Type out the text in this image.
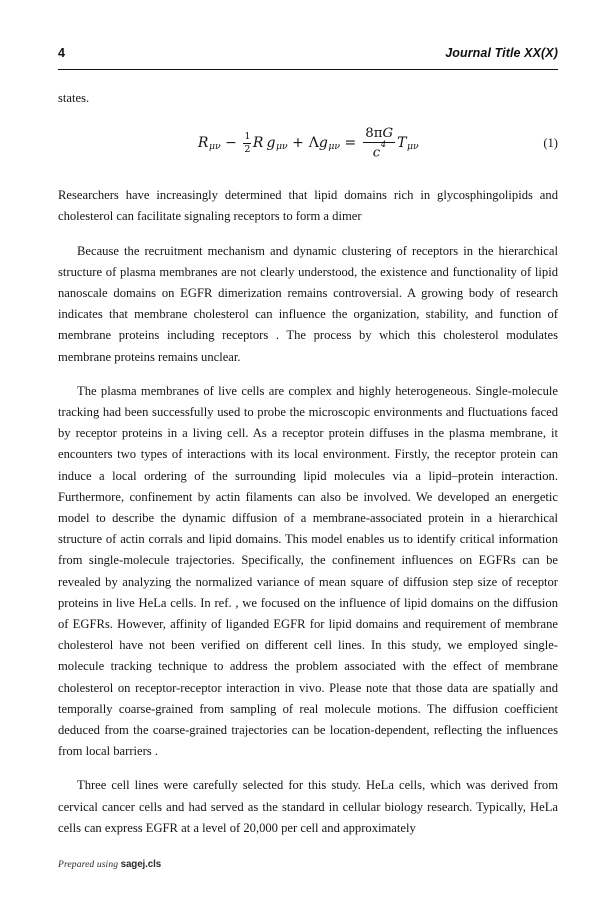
4	Journal Title XX(X)

states.

R $\mu\nu - \frac{1}{2}$ R g μν + Λ g $\mu\nu = \frac{8\pi G}{c^4}$ T μν	(1)

Researchers have increasingly determined that lipid domains rich in glycosphingolipids and cholesterol can facilitate signaling receptors to form a dimer

Because the recruitment mechanism and dynamic clustering of receptors in the hierarchical structure of plasma membranes are not clearly understood, the existence and functionality of lipid nanoscale domains on EGFR dimerization remains controversial. A growing body of research indicates that membrane cholesterol can influence the organization, stability, and function of membrane proteins including receptors . The process by which this cholesterol modulates membrane proteins remains unclear.

The plasma membranes of live cells are complex and highly heterogeneous. Single-molecule tracking had been successfully used to probe the microscopic environments and fluctuations faced by receptor proteins in a living cell. As a receptor protein diffuses in the plasma membrane, it encounters two types of interactions with its local environment. Firstly, the receptor protein can induce a local ordering of the surrounding lipid molecules via a lipid–protein interaction. Furthermore, confinement by actin filaments can also be involved. We developed an energetic model to describe the dynamic diffusion of a membrane-associated protein in a hierarchical structure of actin corrals and lipid domains. This model enables us to identify critical information from single-molecule trajectories. Specifically, the confinement influences on EGFRs can be revealed by analyzing the normalized variance of mean square of diffusion step size of receptor proteins in live HeLa cells. In ref. , we focused on the influence of lipid domains on the diffusion of EGFRs. However, affinity of liganded EGFR for lipid domains and requirement of membrane cholesterol have not been verified on different cell lines. In this study, we employed single-molecule tracking technique to address the problem associated with the effect of membrane cholesterol on receptor-receptor interaction in vivo. Please note that those data are spatially and temporally coarse-grained from sampling of real molecule motions. The diffusion coefficient deduced from the coarse-grained trajectories can be location-dependent, reflecting the influences from local barriers .

Three cell lines were carefully selected for this study. HeLa cells, which was derived from cervical cancer cells and had served as the standard in cellular biology research. Typically, HeLa cells can express EGFR at a level of 20,000 per cell and approximately

Prepared using sagej.cls
